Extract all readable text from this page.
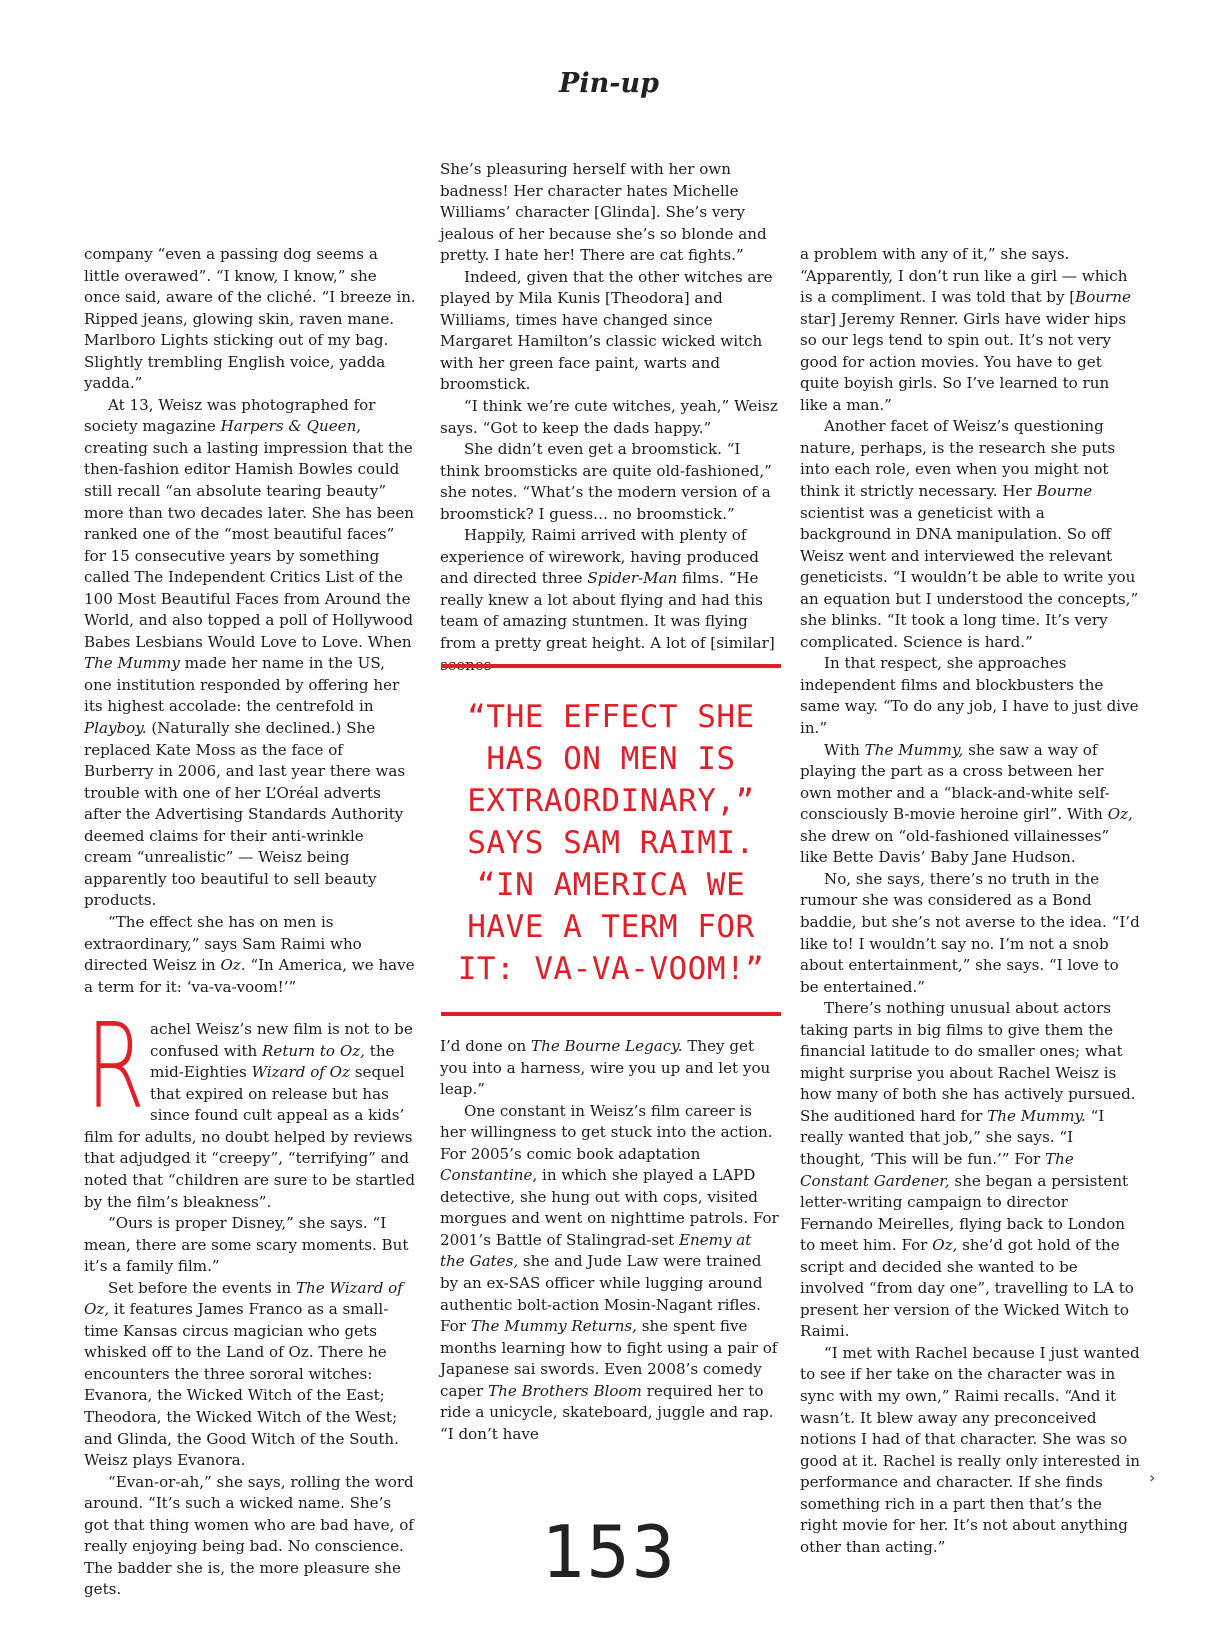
Pin-up

company “even a passing dog seems a little overawed”. “I know, I know,” she once said, aware of the cliché. “I breeze in. Ripped jeans, glowing skin, raven mane. Marlboro Lights sticking out of my bag. Slightly trembling English voice, yadda yadda.”

At 13, Weisz was photographed for society magazine Harpers & Queen, creating such a lasting impression that the then-fashion editor Hamish Bowles could still recall “an absolute tearing beauty” more than two decades later. She has been ranked one of the “most beautiful faces” for 15 consecutive years by something called The Independent Critics List of the 100 Most Beautiful Faces from Around the World, and also topped a poll of Hollywood Babes Lesbians Would Love to Love. When The Mummy made her name in the US, one institution responded by offering her its highest accolade: the centrefold in Playboy. (Naturally she declined.) She replaced Kate Moss as the face of Burberry in 2006, and last year there was trouble with one of her L’Oréal adverts after the Advertising Standards Authority deemed claims for their anti-wrinkle cream “unrealistic” — Weisz being apparently too beautiful to sell beauty products.

“The effect she has on men is extraordinary,” says Sam Raimi who directed Weisz in Oz. “In America, we have a term for it: ‘va-va-voom!’”

Rachel Weisz’s new film is not to be confused with Return to Oz, the mid-Eighties Wizard of Oz sequel that expired on release but has since found cult appeal as a kids’ film for adults, no doubt helped by reviews that adjudged it “creepy”, “terrifying” and noted that “children are sure to be startled by the film’s bleakness”.

“Ours is proper Disney,” she says. “I mean, there are some scary moments. But it’s a family film.”

Set before the events in The Wizard of Oz, it features James Franco as a small-time Kansas circus magician who gets whisked off to the Land of Oz. There he encounters the three sororal witches: Evanora, the Wicked Witch of the East; Theodora, the Wicked Witch of the West; and Glinda, the Good Witch of the South. Weisz plays Evanora.

“Evan-or-ah,” she says, rolling the word around. “It’s such a wicked name. She’s got that thing women who are bad have, of really enjoying being bad. No conscience. The badder she is, the more pleasure she gets.

She’s pleasuring herself with her own badness! Her character hates Michelle Williams’ character [Glinda]. She’s very jealous of her because she’s so blonde and pretty. I hate her! There are cat fights.”

Indeed, given that the other witches are played by Mila Kunis [Theodora] and Williams, times have changed since Margaret Hamilton’s classic wicked witch with her green face paint, warts and broomstick.

“I think we’re cute witches, yeah,” Weisz says. “Got to keep the dads happy.”

She didn’t even get a broomstick. “I think broomsticks are quite old-fashioned,” she notes. “What’s the modern version of a broomstick? I guess… no broomstick.”

Happily, Raimi arrived with plenty of experience of wirework, having produced and directed three Spider-Man films. “He really knew a lot about flying and had this team of amazing stuntmen. It was flying from a pretty great height. A lot of [similar] scenes

“THE EFFECT SHE HAS ON MEN IS EXTRAORDINARY,” SAYS SAM RAIMI. “IN AMERICA WE HAVE A TERM FOR IT: VA-VA-VOOM!”

I’d done on The Bourne Legacy. They get you into a harness, wire you up and let you leap.”

One constant in Weisz’s film career is her willingness to get stuck into the action. For 2005’s comic book adaptation Constantine, in which she played a LAPD detective, she hung out with cops, visited morgues and went on nighttime patrols. For 2001’s Battle of Stalingrad-set Enemy at the Gates, she and Jude Law were trained by an ex-SAS officer while lugging around authentic bolt-action Mosin-Nagant rifles. For The Mummy Returns, she spent five months learning how to fight using a pair of Japanese sai swords. Even 2008’s comedy caper The Brothers Bloom required her to ride a unicycle, skateboard, juggle and rap. “I don’t have

a problem with any of it,” she says. “Apparently, I don’t run like a girl — which is a compliment. I was told that by [Bourne star] Jeremy Renner. Girls have wider hips so our legs tend to spin out. It’s not very good for action movies. You have to get quite boyish girls. So I’ve learned to run like a man.”

Another facet of Weisz’s questioning nature, perhaps, is the research she puts into each role, even when you might not think it strictly necessary. Her Bourne scientist was a geneticist with a background in DNA manipulation. So off Weisz went and interviewed the relevant geneticists. “I wouldn’t be able to write you an equation but I understood the concepts,” she blinks. “It took a long time. It’s very complicated. Science is hard.”

In that respect, she approaches independent films and blockbusters the same way. “To do any job, I have to just dive in.”

With The Mummy, she saw a way of playing the part as a cross between her own mother and a “black-and-white self-consciously B-movie heroine girl”. With Oz, she drew on “old-fashioned villainesses” like Bette Davis’ Baby Jane Hudson.

No, she says, there’s no truth in the rumour she was considered as a Bond baddie, but she’s not averse to the idea. “I’d like to! I wouldn’t say no. I’m not a snob about entertainment,” she says. “I love to be entertained.”

There’s nothing unusual about actors taking parts in big films to give them the financial latitude to do smaller ones; what might surprise you about Rachel Weisz is how many of both she has actively pursued. She auditioned hard for The Mummy. “I really wanted that job,” she says. “I thought, ‘This will be fun.’” For The Constant Gardener, she began a persistent letter-writing campaign to director Fernando Meirelles, flying back to London to meet him. For Oz, she’d got hold of the script and decided she wanted to be involved “from day one”, travelling to LA to present her version of the Wicked Witch to Raimi.

“I met with Rachel because I just wanted to see if her take on the character was in sync with my own,” Raimi recalls. “And it wasn’t. It blew away any preconceived notions I had of that character. She was so good at it. Rachel is really only interested in performance and character. If she finds something rich in a part then that’s the right movie for her. It’s not about anything other than acting.”

›
153
